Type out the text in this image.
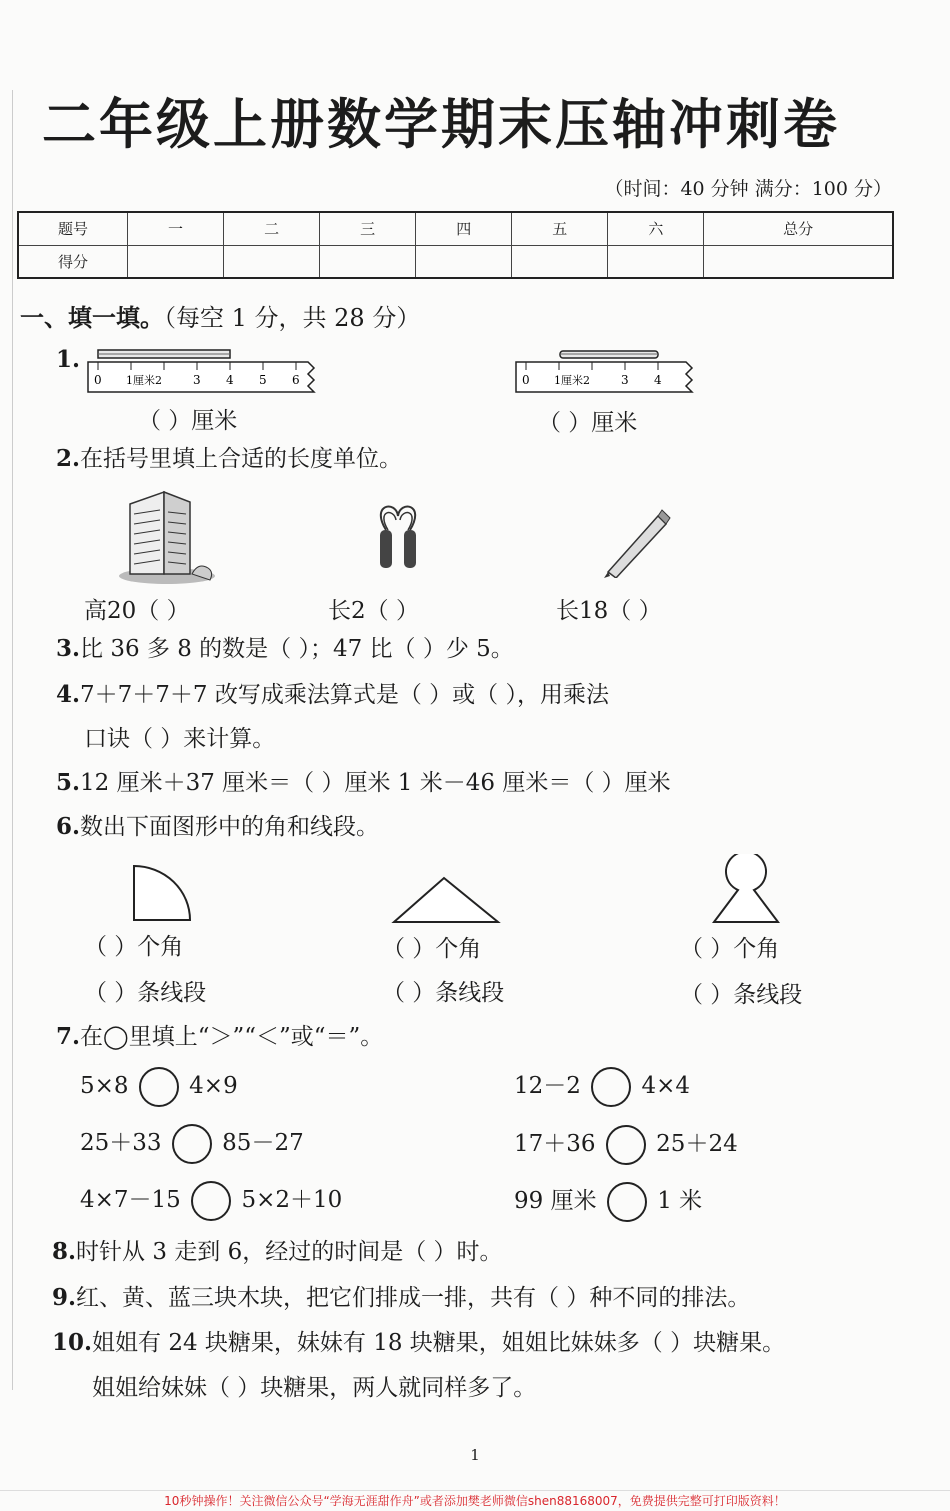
二年级上册数学期末压轴冲刺卷
（时间：40 分钟 满分：100 分）
题号	一	二	三	四	五	六	总分
得分							
一、填一填。（每空 1 分，共 28 分）
1.
0 1厘米2	3 4 5 6	0 1厘米2	3 4
（ ）厘米	（ ）厘米
2.在括号里填上合适的长度单位。
高20（ ）	长2（ ）	长18（ ）
3.比 36 多 8 的数是（ ）；47 比（ ）少 5。
4.7＋7＋7＋7 改写成乘法算式是（ ）或（ ），用乘法
口诀（ ）来计算。
5.12 厘米＋37 厘米＝（ ）厘米 1 米－46 厘米＝（ ）厘米
6.数出下面图形中的角和线段。
（ ）个角	（ ）个角	（ ）个角
（ ）条线段	（ ）条线段	（ ）条线段
7.在◯里填上“＞”“＜”或“＝”。
5×8	4×9	12－2	4×4
25＋33	85－27	17＋36	25＋24
4×7－15	5×2＋10	99 厘米	1 米
8.时针从 3 走到 6，经过的时间是（ ）时。
9.红、黄、蓝三块木块，把它们排成一排，共有（ ）种不同的排法。
10.姐姐有 24 块糖果，妹妹有 18 块糖果，姐姐比妹妹多（ ）块糖果。
姐姐给妹妹（ ）块糖果，两人就同样多了。
1
10秒钟操作！关注微信公众号“学海无涯甜作舟”或者添加樊老师微信shen88168007，免费提供完整可打印版资料！
